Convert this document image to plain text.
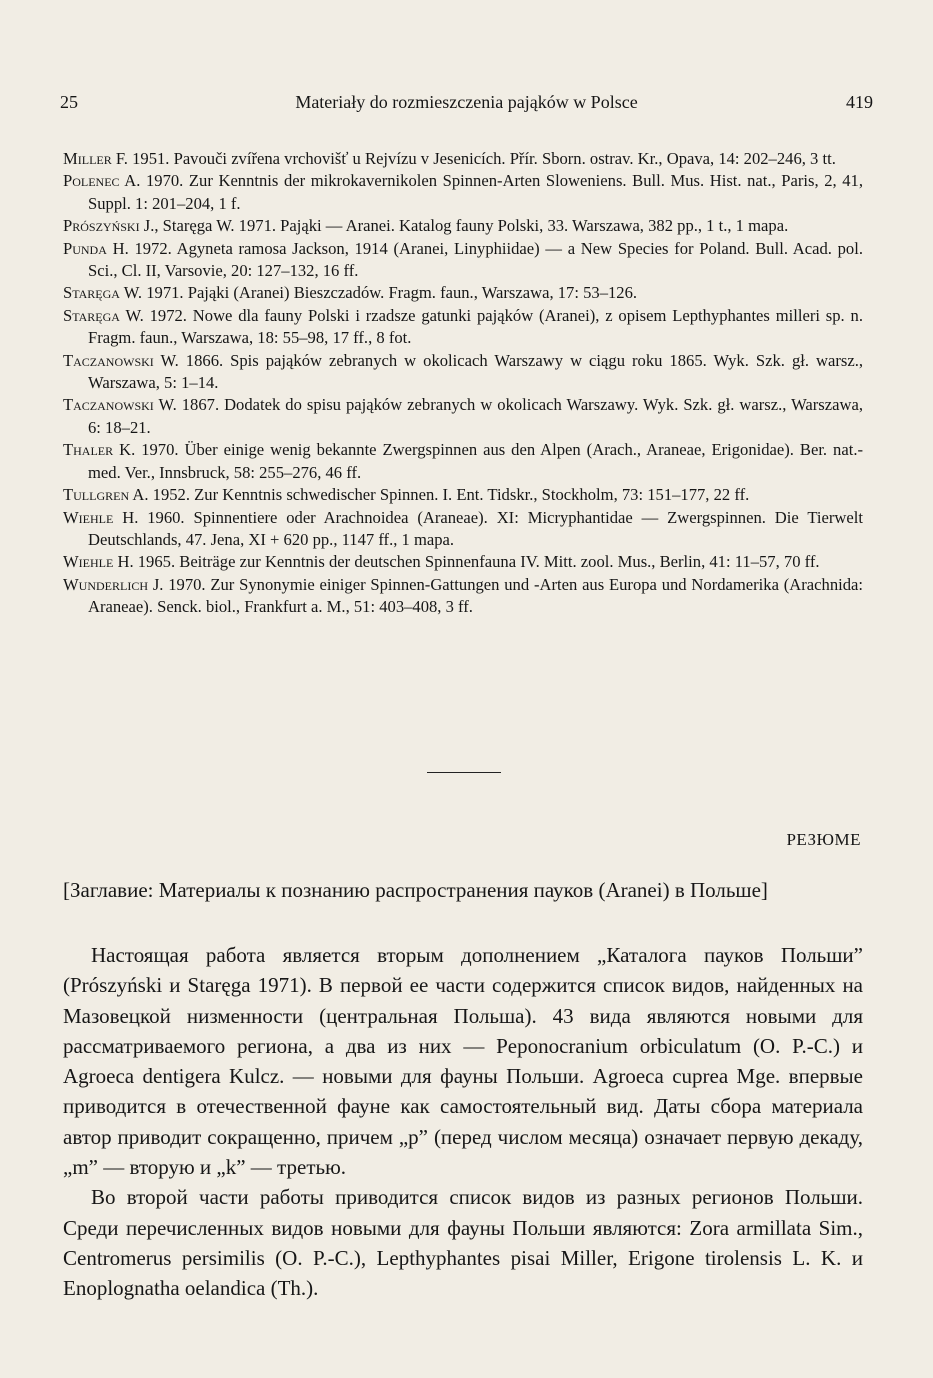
25	Materiały do rozmieszczenia pająków w Polsce	419
Miller F. 1951. Pavouči zvířena vrchovišť u Rejvízu v Jesenicích. Přír. Sborn. ostrav. Kr., Opava, 14: 202–246, 3 tt.
Polenec A. 1970. Zur Kenntnis der mikrokavernikolen Spinnen-Arten Sloweniens. Bull. Mus. Hist. nat., Paris, 2, 41, Suppl. 1: 201–204, 1 f.
Prószyński J., Staręga W. 1971. Pająki — Aranei. Katalog fauny Polski, 33. Warszawa, 382 pp., 1 t., 1 mapa.
Punda H. 1972. Agyneta ramosa Jackson, 1914 (Aranei, Linyphiidae) — a New Species for Poland. Bull. Acad. pol. Sci., Cl. II, Varsovie, 20: 127–132, 16 ff.
Staręga W. 1971. Pająki (Aranei) Bieszczadów. Fragm. faun., Warszawa, 17: 53–126.
Staręga W. 1972. Nowe dla fauny Polski i rzadsze gatunki pająków (Aranei), z opisem Lepthyphantes milleri sp. n. Fragm. faun., Warszawa, 18: 55–98, 17 ff., 8 fot.
Taczanowski W. 1866. Spis pająków zebranych w okolicach Warszawy w ciągu roku 1865. Wyk. Szk. gł. warsz., Warszawa, 5: 1–14.
Taczanowski W. 1867. Dodatek do spisu pająków zebranych w okolicach Warszawy. Wyk. Szk. gł. warsz., Warszawa, 6: 18–21.
Thaler K. 1970. Über einige wenig bekannte Zwergspinnen aus den Alpen (Arach., Araneae, Erigonidae). Ber. nat.-med. Ver., Innsbruck, 58: 255–276, 46 ff.
Tullgren A. 1952. Zur Kenntnis schwedischer Spinnen. I. Ent. Tidskr., Stockholm, 73: 151–177, 22 ff.
Wiehle H. 1960. Spinnentiere oder Arachnoidea (Araneae). XI: Micryphantidae — Zwergspinnen. Die Tierwelt Deutschlands, 47. Jena, XI + 620 pp., 1147 ff., 1 mapa.
Wiehle H. 1965. Beiträge zur Kenntnis der deutschen Spinnenfauna IV. Mitt. zool. Mus., Berlin, 41: 11–57, 70 ff.
Wunderlich J. 1970. Zur Synonymie einiger Spinnen-Gattungen und -Arten aus Europa und Nordamerika (Arachnida: Araneae). Senck. biol., Frankfurt a. M., 51: 403–408, 3 ff.
РЕЗЮМЕ
[Заглавие: Материалы к познанию распространения пауков (Aranei) в Польше]

Настоящая работа является вторым дополнением „Каталога пауков Польши” (Prószyński и Staręga 1971). В первой ее части содержится список видов, найденных на Мазовецкой низменности (центральная Польша). 43 вида являются новыми для рассматриваемого региона, а два из них — Peponocranium orbiculatum (O. P.-C.) и Agroeca dentigera Kulcz. — новыми для фауны Польши. Agroeca cuprea Mge. впервые приводится в отечественной фауне как самостоятельный вид. Даты сбора материала автор приводит сокращенно, причем „p” (перед числом месяца) означает первую декаду, „m” — вторую и „k” — третью.

Во второй части работы приводится список видов из разных регионов Польши. Среди перечисленных видов новыми для фауны Польши являются: Zora armillata Sim., Centromerus persimilis (O. P.-C.), Lepthyphantes pisai Miller, Erigone tirolensis L. K. и Enoplognatha oelandica (Th.).
